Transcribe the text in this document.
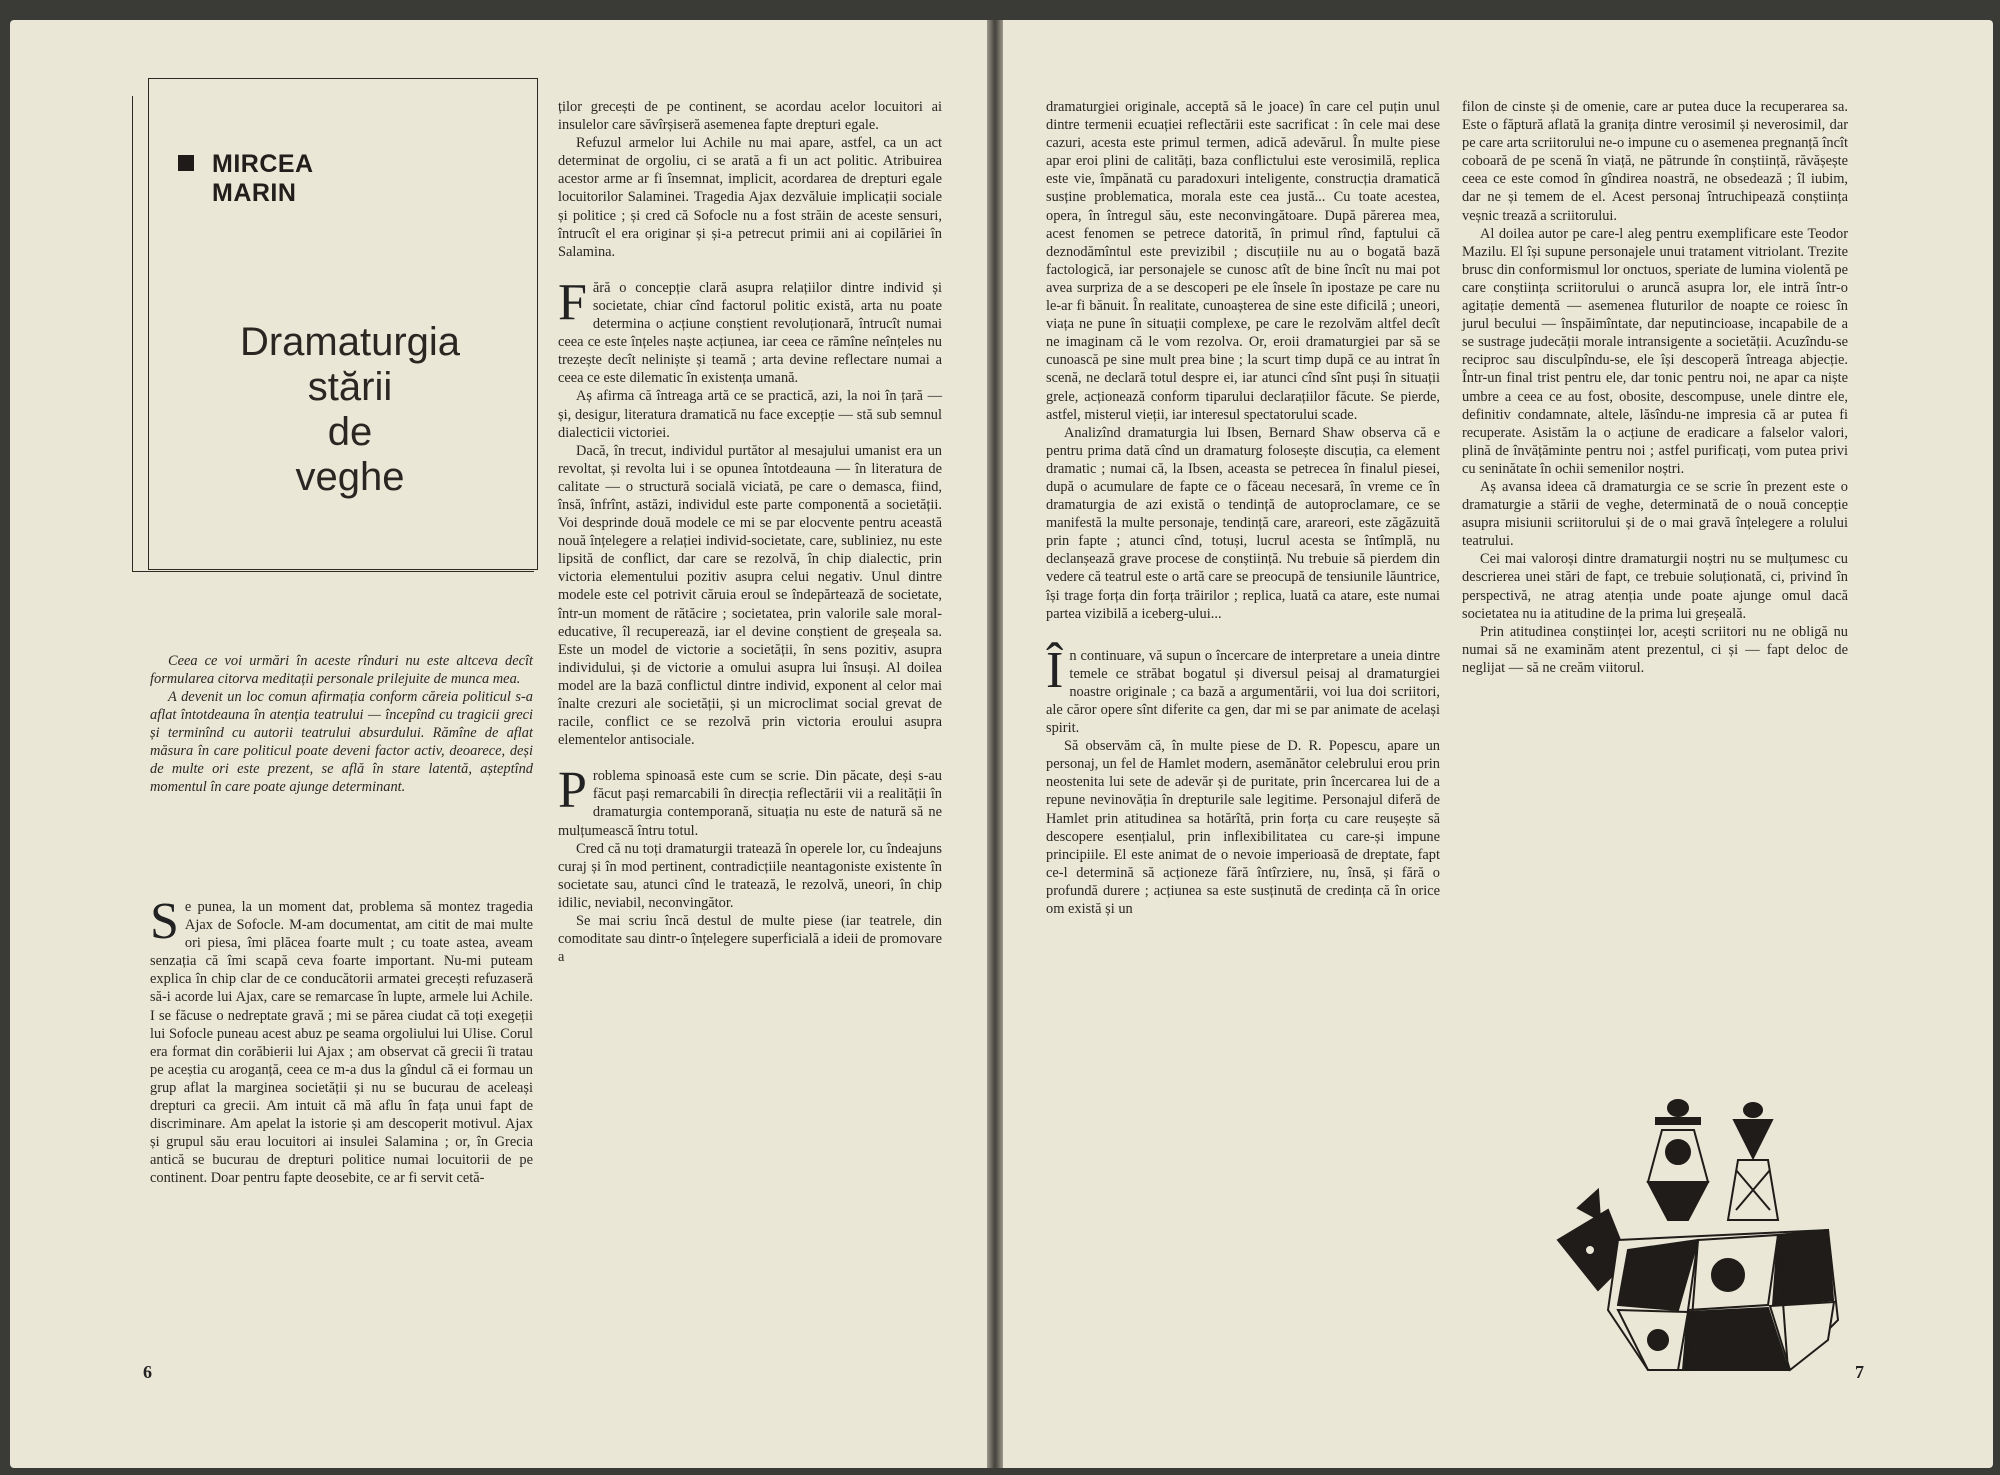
MIRCEA MARIN
Dramaturgia
stării
de
veghe

Ceea ce voi urmări în aceste rînduri nu este altceva decît formularea citorva meditații personale prilejuite de munca mea.

A devenit un loc comun afirmația conform căreia politicul s-a aflat întotdeauna în atenția teatrului — începînd cu tragicii greci și terminînd cu autorii teatrului absurdului. Rămîne de aflat măsura în care politicul poate deveni factor activ, deoarece, deși de multe ori este prezent, se află în stare latentă, așteptînd momentul în care poate ajunge determinant.

Se punea, la un moment dat, problema să montez tragedia Ajax de Sofocle. M-am documentat, am citit de mai multe ori piesa, îmi plăcea foarte mult ; cu toate astea, aveam senzația că îmi scapă ceva foarte important. Nu-mi puteam explica în chip clar de ce conducătorii armatei grecești refuzaseră să-i acorde lui Ajax, care se remarcase în lupte, armele lui Achile. I se făcuse o nedreptate gravă ; mi se părea ciudat că toți exegeții lui Sofocle puneau acest abuz pe seama orgoliului lui Ulise. Corul era format din corăbierii lui Ajax ; am observat că grecii îi tratau pe aceștia cu aroganță, ceea ce m-a dus la gîndul că ei formau un grup aflat la marginea societății și nu se bucurau de aceleași drepturi ca grecii. Am intuit că mă aflu în fața unui fapt de discriminare. Am apelat la istorie și am descoperit motivul. Ajax și grupul său erau locuitori ai insulei Salamina ; or, în Grecia antică se bucurau de drepturi politice numai locuitorii de pe continent. Doar pentru fapte deosebite, ce ar fi servit cetă-

ților grecești de pe continent, se acordau acelor locuitori ai insulelor care săvîrșiseră asemenea fapte drepturi egale.

Refuzul armelor lui Achile nu mai apare, astfel, ca un act determinat de orgoliu, ci se arată a fi un act politic. Atribuirea acestor arme ar fi însemnat, implicit, acordarea de drepturi egale locuitorilor Salaminei. Tragedia Ajax dezvăluie implicații sociale și politice ; și cred că Sofocle nu a fost străin de aceste sensuri, întrucît el era originar și și-a petrecut primii ani ai copilăriei în Salamina.

Fără o concepție clară asupra relațiilor dintre individ și societate, chiar cînd factorul politic există, arta nu poate determina o acțiune conștient revoluționară, întrucît numai ceea ce este înțeles naște acțiunea, iar ceea ce rămîne neînțeles nu trezește decît neliniște și teamă ; arta devine reflectare numai a ceea ce este dilematic în existența umană.

Aș afirma că întreaga artă ce se practică, azi, la noi în țară — și, desigur, literatura dramatică nu face excepție — stă sub semnul dialecticii victoriei.

Dacă, în trecut, individul purtător al mesajului umanist era un revoltat, și revolta lui i se opunea întotdeauna — în literatura de calitate — o structură socială viciată, pe care o demasca, fiind, însă, înfrînt, astăzi, individul este parte componentă a societății. Voi desprinde două modele ce mi se par elocvente pentru această nouă înțelegere a relației individ-societate, care, subliniez, nu este lipsită de conflict, dar care se rezolvă, în chip dialectic, prin victoria elementului pozitiv asupra celui negativ. Unul dintre modele este cel potrivit căruia eroul se îndepărtează de societate, într-un moment de rătăcire ; societatea, prin valorile sale moral-educative, îl recuperează, iar el devine conștient de greșeala sa. Este un model de victorie a societății, în sens pozitiv, asupra individului, și de victorie a omului asupra lui însuși. Al doilea model are la bază conflictul dintre individ, exponent al celor mai înalte crezuri ale societății, și un microclimat social grevat de racile, conflict ce se rezolvă prin victoria eroului asupra elementelor antisociale.

Problema spinoasă este cum se scrie. Din păcate, deși s-au făcut pași remarcabili în direcția reflectării vii a realității în dramaturgia contemporană, situația nu este de natură să ne mulțumească întru totul.

Cred că nu toți dramaturgii tratează în operele lor, cu îndeajuns curaj și în mod pertinent, contradicțiile neantagoniste existente în societate sau, atunci cînd le tratează, le rezolvă, uneori, în chip idilic, neviabil, neconvingător.

Se mai scriu încă destul de multe piese (iar teatrele, din comoditate sau dintr-o înțelegere superficială a ideii de promovare a

dramaturgiei originale, acceptă să le joace) în care cel puțin unul dintre termenii ecuației reflectării este sacrificat : în cele mai dese cazuri, acesta este primul termen, adică adevărul. În multe piese apar eroi plini de calități, baza conflictului este verosimilă, replica este vie, împănată cu paradoxuri inteligente, construcția dramatică susține problematica, morala este ceа justă... Cu toate acestea, opera, în întregul său, este neconvingătoare. După părerea mea, acest fenomen se petrece datorită, în primul rînd, faptului că deznodămîntul este previzibil ; discuțiile nu au o bogată bază factologică, iar personajele se cunosc atît de bine încît nu mai pot avea surpriza de a se descoperi pe ele însele în ipostaze pe care nu le-ar fi bănuit. În realitate, cunoașterea de sine este dificilă ; uneori, viața ne pune în situații complexe, pe care le rezolvăm altfel decît ne imaginam că le vom rezolva. Or, eroii dramaturgiei par să se cunoască pe sine mult prea bine ; la scurt timp după ce au intrat în scenă, ne declară totul despre ei, iar atunci cînd sînt puși în situații grele, acționează conform tiparului declarațiilor făcute. Se pierde, astfel, misterul vieții, iar interesul spectatorului scade.

Analizînd dramaturgia lui Ibsen, Bernard Shaw observa că e pentru prima dată cînd un dramaturg folosește discuția, ca element dramatic ; numai că, la Ibsen, aceasta se petrecea în finalul piesei, după o acumulare de fapte ce o făceau necesară, în vreme ce în dramaturgia de azi există o tendință de autoproclamare, ce se manifestă la multe personaje, tendință care, arareori, este zăgăzuită prin fapte ; atunci cînd, totuși, lucrul acesta se întîmplă, nu declanșează grave procese de conștiință. Nu trebuie să pierdem din vedere că teatrul este o artă care se preocupă de tensiunile lăuntrice, își trage forța din forța trăirilor ; replica, luată ca atare, este numai partea vizibilă a iceberg-ului...

În continuare, vă supun o încercare de interpretare a uneia dintre temele ce străbat bogatul și diversul peisaj al dramaturgiei noastre originale ; ca bază a argumentării, voi lua doi scriitori, ale căror opere sînt diferite ca gen, dar mi se par animate de același spirit.

Să observăm că, în multe piese de D. R. Popescu, apare un personaj, un fel de Hamlet modern, asemănător celebrului erou prin neostenita lui sete de adevăr și de puritate, prin încercarea lui de a repune nevinovăția în drepturile sale legitime. Personajul diferă de Hamlet prin atitudinea sa hotărîtă, prin forța cu care reușește să descopere esențialul, prin inflexibilitatea cu care-și impune principiile. El este animat de o nevoie imperioasă de dreptate, fapt ce-l determină să acționeze fără întîrziere, nu, însă, și fără o profundă durere ; acțiunea sa este susținută de credința că în orice om există și un

filon de cinste și de omenie, care ar putea duce la recuperarea sa. Este o făptură aflată la granița dintre verosimil și neverosimil, dar pe care arta scriitorului ne-o impune cu o asemenea pregnanță încît coboară de pe scenă în viață, ne pătrunde în conștiință, răvășește ceea ce este comod în gîndirea noastră, ne obsedează ; îl iubim, dar ne și temem de el. Acest personaj întruchipează conștiința veșnic trează a scriitorului.

Al doilea autor pe care-l aleg pentru exemplificare este Teodor Mazilu. El își supune personajele unui tratament vitriolant. Trezite brusc din conformismul lor onctuos, speriate de lumina violentă pe care conștiința scriitorului o aruncă asupra lor, ele intră într-o agitație dementă — asemenea fluturilor de noapte ce roiesc în jurul becului — înspăimîntate, dar neputincioase, incapabile de a se sustrage judecății morale intransigente a societății. Acuzîndu-se reciproc sau disculpîndu-se, ele își descoperă întreaga abjecție. Într-un final trist pentru ele, dar tonic pentru noi, ne apar ca niște umbre a ceea ce au fost, obosite, descompuse, unele dintre ele, definitiv condamnate, altele, lăsîndu-ne impresia că ar putea fi recuperate. Asistăm la o acțiune de eradicare a falselor valori, plină de învățăminte pentru noi ; astfel purificați, vom putea privi cu seninătate în ochii semenilor noștri.

Aș avansa ideea că dramaturgia ce se scrie în prezent este o dramaturgie a stării de veghe, determinată de o nouă concepție asupra misiunii scriitorului și de o mai gravă înțelegere a rolului teatrului.

Cei mai valoroși dintre dramaturgii noștri nu se mulțumesc cu descrierea unei stări de fapt, ce trebuie soluționată, ci, privind în perspectivă, ne atrag atenția unde poate ajunge omul dacă societatea nu ia atitudine de la prima lui greșeală.

Prin atitudinea conștiinței lor, acești scriitori nu ne obligă nu numai să ne examinăm atent prezentul, ci și — fapt deloc de neglijat — să ne creăm viitorul.

6	7
